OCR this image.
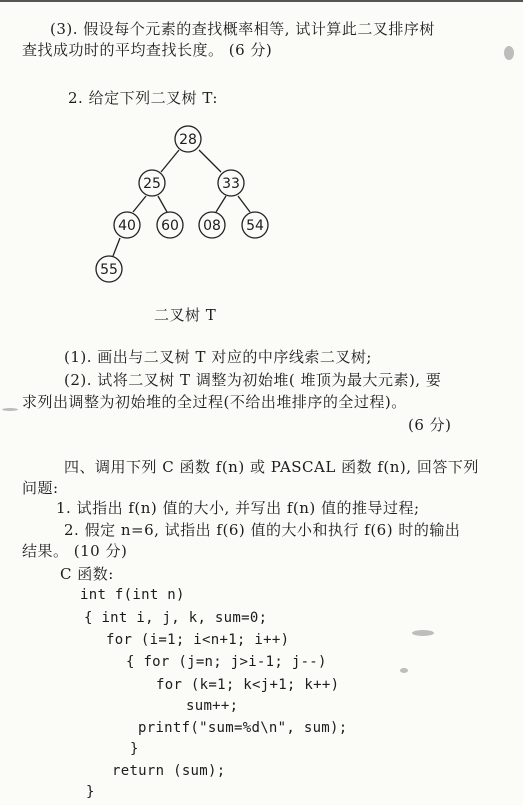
(3). 假设每个元素的查找概率相等, 试计算此二叉排序树
查找成功时的平均查找长度。 (6 分)
2. 给定下列二叉树 T:
28
25	33
40 60 08 54
55
二叉树 T
(1). 画出与二叉树 T 对应的中序线索二叉树;
(2). 试将二叉树 T 调整为初始堆( 堆顶为最大元素), 要
求列出调整为初始堆的全过程(不给出堆排序的全过程)。
(6 分)
四、调用下列 C 函数 f(n) 或 PASCAL 函数 f(n), 回答下列
问题:
1. 试指出 f(n) 值的大小, 并写出 f(n) 值的推导过程;
2. 假定 n=6, 试指出 f(6) 值的大小和执行 f(6) 时的输出
结果。 (10 分)
C 函数:
int f(int n)
{ int i, j, k, sum=0;
for (i=1; i<n+1; i++)
{ for (j=n; j>i-1; j--)
for (k=1; k<j+1; k++)
sum++;
printf("sum=%d\n", sum);
}
return (sum);
}
